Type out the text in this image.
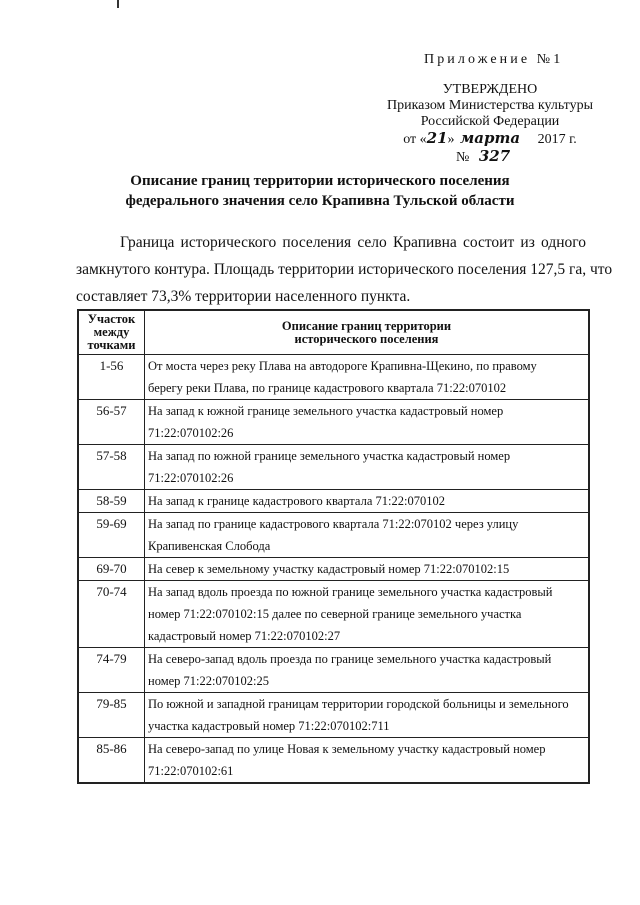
Приложение №1
УТВЕРЖДЕНО
Приказом Министерства культуры
Российской Федерации
от «21» марта 2017 г.
№ 327
Описание границ территории исторического поселения
федерального значения село Крапивна Тульской области
Граница исторического поселения село Крапивна состоит из одного
замкнутого контура. Площадь территории исторического поселения 127,5 га, что
составляет 73,3% территории населенного пункта.
Участок
между
точками	Описание границ территории
исторического поселения

1-56	От моста через реку Плава на автодороге Крапивна-Щекино, по правому
берегу реки Плава, по границе кадастрового квартала 71:22:070102

56-57	На запад к южной границе земельного участка кадастровый номер
71:22:070102:26

57-58	На запад по южной границе земельного участка кадастровый номер
71:22:070102:26

58-59	На запад к границе кадастрового квартала 71:22:070102

59-69	На запад по границе кадастрового квартала 71:22:070102 через улицу
Крапивенская Слобода

69-70	На север к земельному участку кадастровый номер 71:22:070102:15

70-74	На запад вдоль проезда по южной границе земельного участка кадастровый
номер 71:22:070102:15 далее по северной границе земельного участка
кадастровый номер 71:22:070102:27

74-79	На северо-запад вдоль проезда по границе земельного участка кадастровый
номер 71:22:070102:25

79-85	По южной и западной границам территории городской больницы и земельного
участка кадастровый номер 71:22:070102:711

85-86	На северо-запад по улице Новая к земельному участку кадастровый номер
71:22:070102:61
